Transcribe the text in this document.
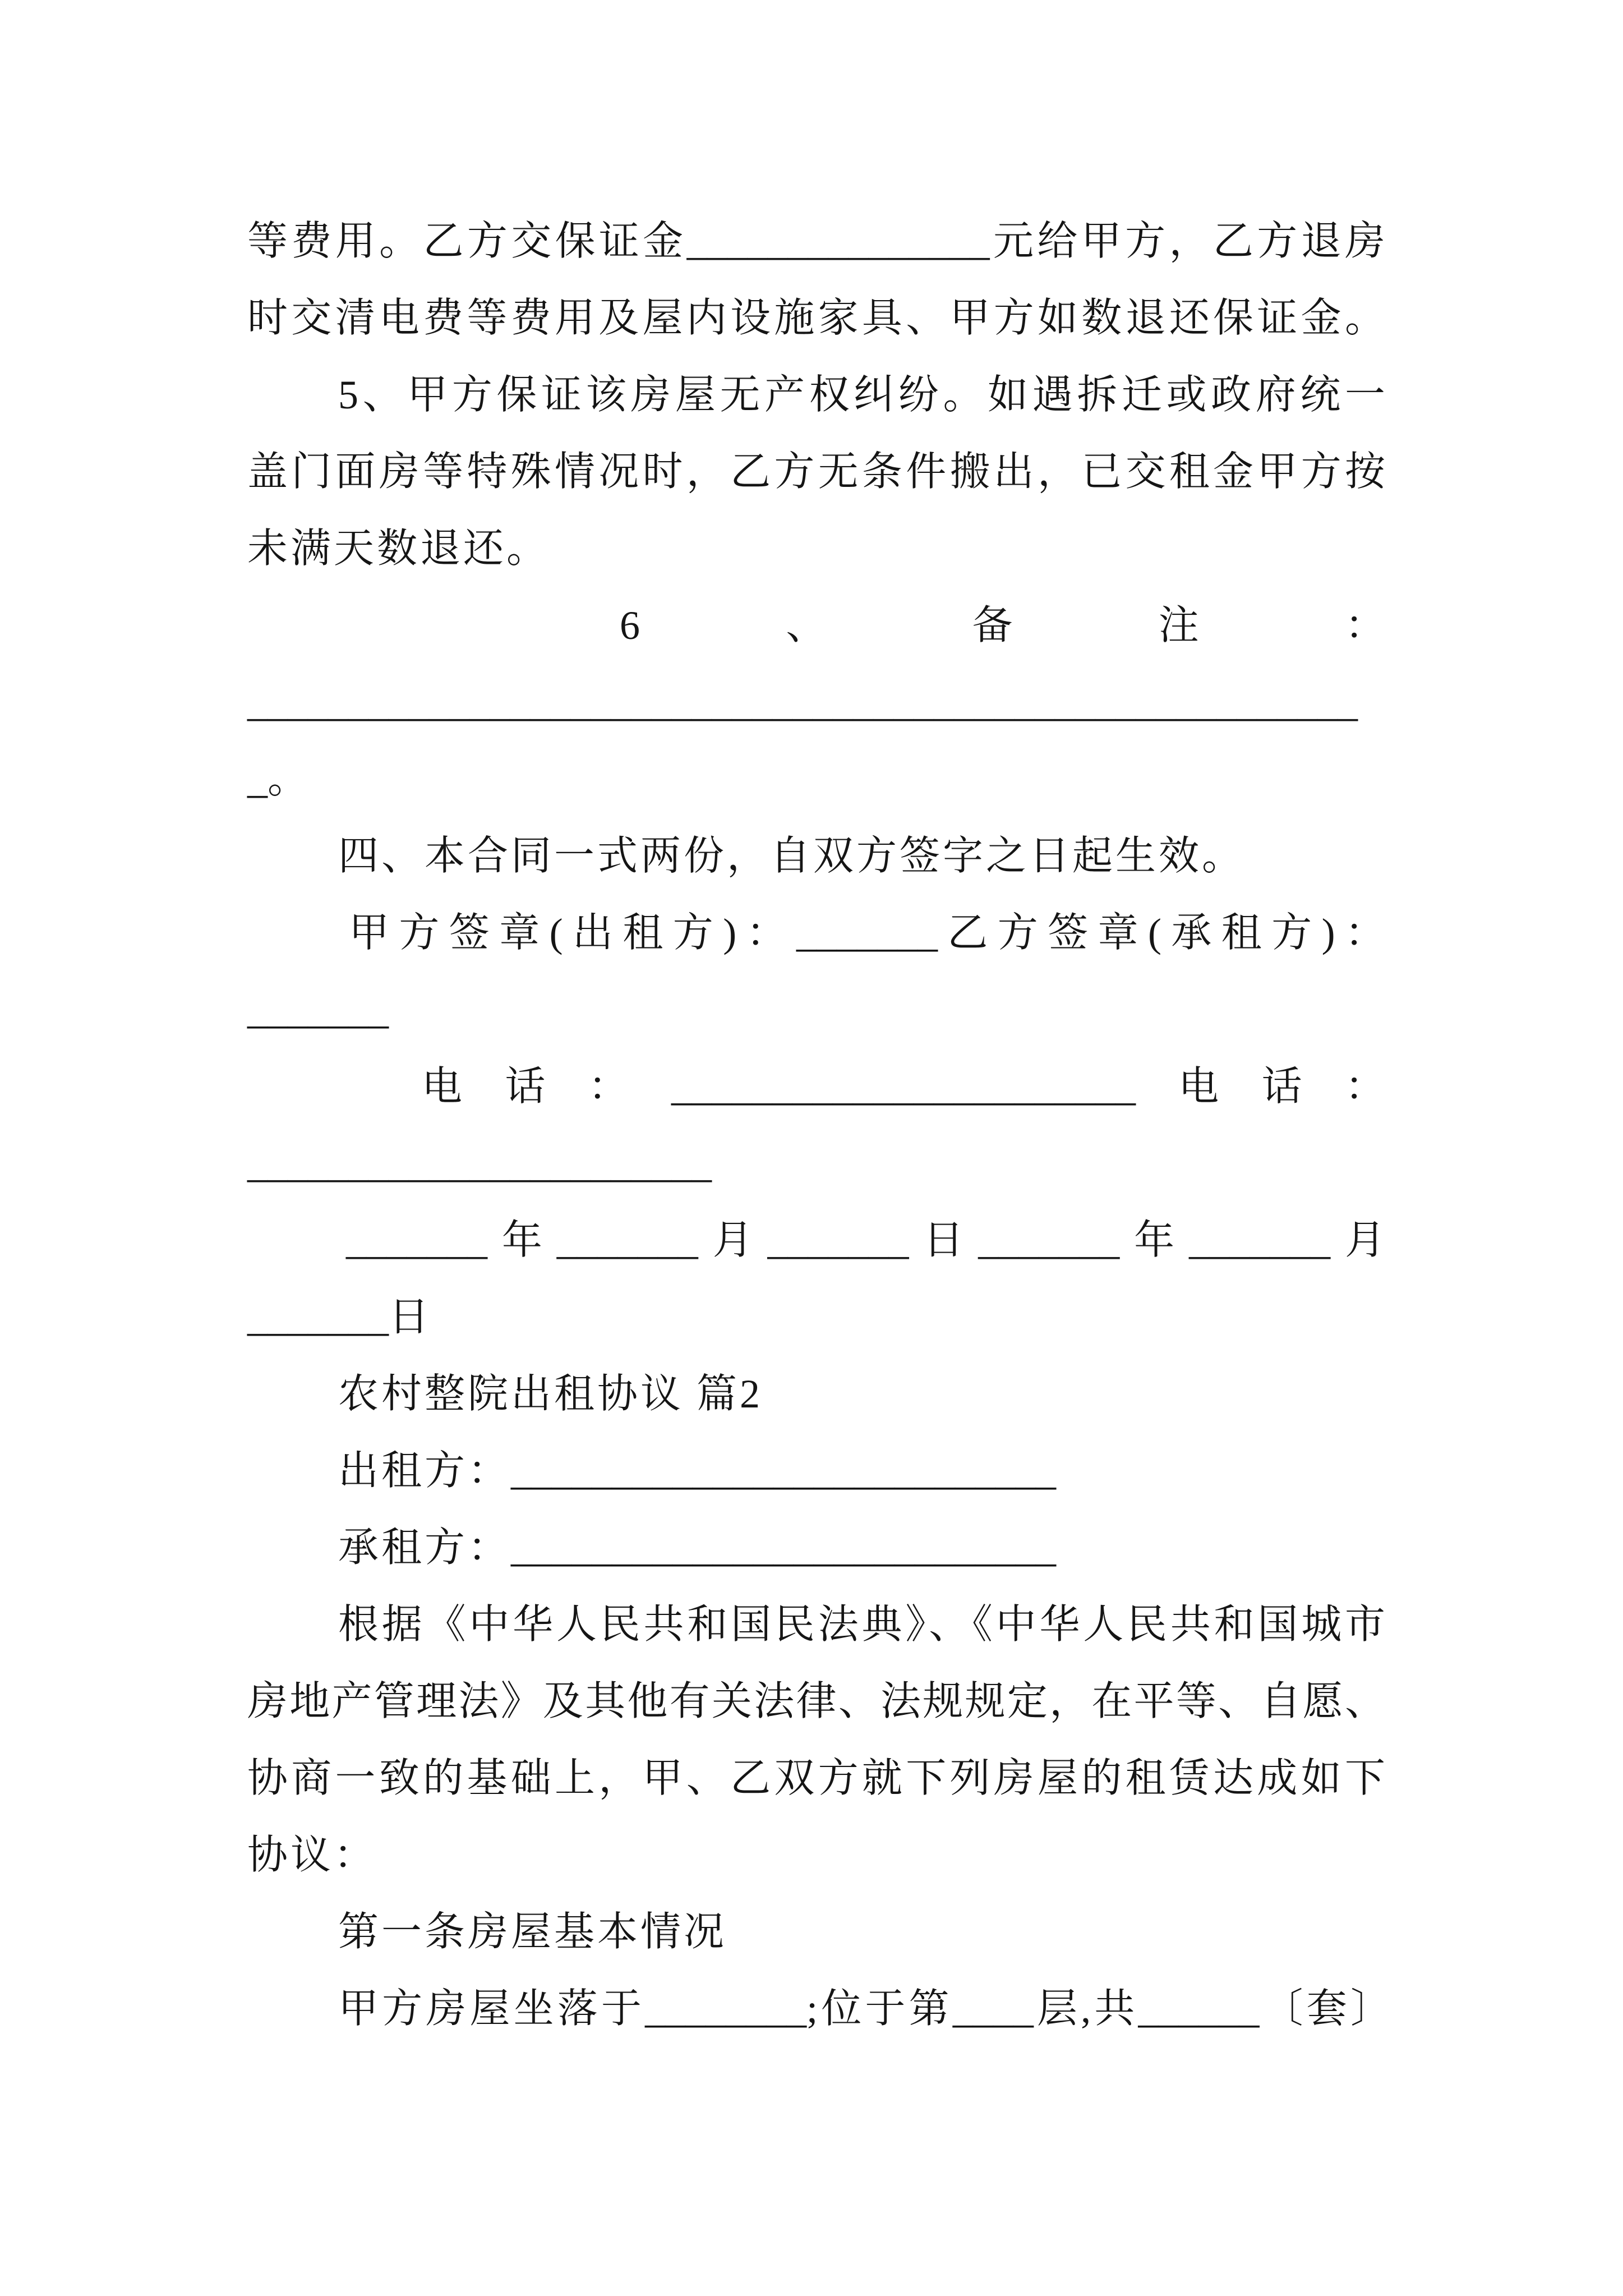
等费用。乙方交保证金_______________元给甲方，乙方退房
时交清电费等费用及屋内设施家具、甲方如数退还保证金。
5、甲方保证该房屋无产权纠纷。如遇拆迁或政府统一
盖门面房等特殊情况时，乙方无条件搬出，已交租金甲方按
未满天数退还。
6	、	备	注	：
_______________________________________________________
_。
四、本合同一式两份，自双方签字之日起生效。
甲方签章(出租方)：_______乙方签章(承租方)：
_______
电 话 ： _______________________ 电 话 ：
_______________________
_______年_______月_______日_______年_______月
_______日
农村整院出租协议 篇2
出租方：___________________________
承租方：___________________________
根据《中华人民共和国民法典》、《中华人民共和国城市
房地产管理法》及其他有关法律、法规规定，在平等、自愿、
协商一致的基础上，甲、乙双方就下列房屋的租赁达成如下
协议：
第一条房屋基本情况
甲方房屋坐落于________;位于第____层,共______〔套〕
